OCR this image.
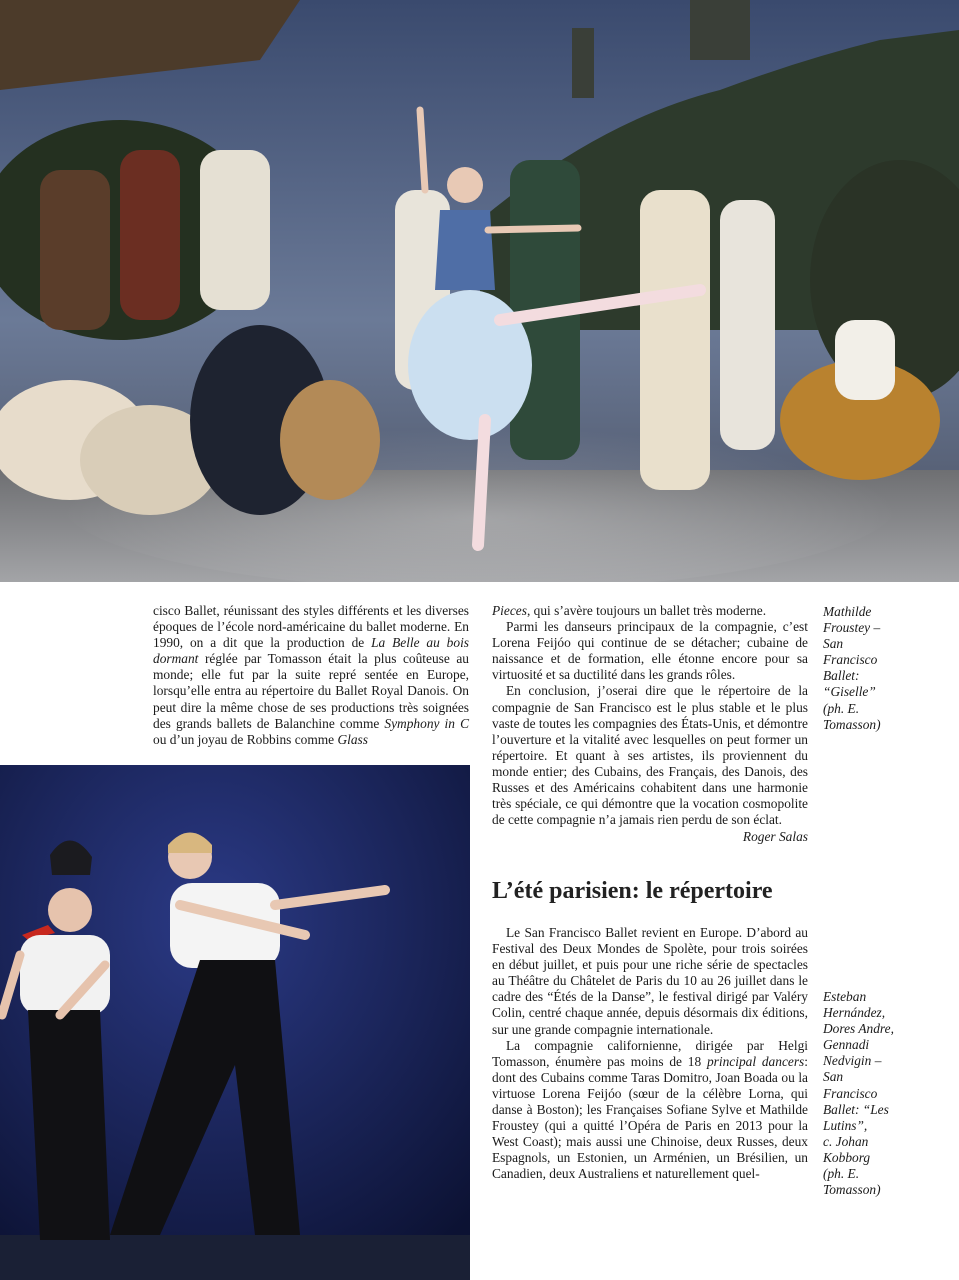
cisco Ballet, réunissant des styles différents et les diverses époques de l’école nord-américaine du ballet moderne. En 1990, on a dit que la production de La Belle au bois dormant réglée par Tomasson était la plus coûteuse au monde; elle fut par la suite repré sentée en Europe, lorsqu’elle entra au répertoire du Ballet Royal Danois. On peut dire la même chose de ses productions très soignées des grands ballets de Balanchine comme Symphony in C ou d’un joyau de Robbins comme Glass

Pieces, qui s’avère toujours un ballet très moderne.

Parmi les danseurs principaux de la compagnie, c’est Lorena Feijóo qui continue de se détacher; cubaine de naissance et de formation, elle étonne encore pour sa virtuosité et sa ductilité dans les grands rôles.

En conclusion, j’oserai dire que le répertoire de la compagnie de San Francisco est le plus stable et le plus vaste de toutes les compagnies des États-Unis, et démontre l’ouverture et la vitalité avec lesquelles on peut former un répertoire. Et quant à ses artistes, ils proviennent du monde entier; des Cubains, des Français, des Danois, des Russes et des Américains cohabitent dans une harmonie très spéciale, ce qui démontre que la vocation cosmopolite de cette compagnie n’a jamais rien perdu de son éclat.

Roger Salas
L’été parisien: le répertoire

Le San Francisco Ballet revient en Europe. D’abord au Festival des Deux Mondes de Spolète, pour trois soirées en début juillet, et puis pour une riche série de spectacles au Théâtre du Châtelet de Paris du 10 au 26 juillet dans le cadre des “Étés de la Danse”, le festival dirigé par Valéry Colin, centré chaque année, depuis désormais dix éditions, sur une grande compagnie internationale.

La compagnie californienne, dirigée par Helgi Tomasson, énumère pas moins de 18 principal dancers: dont des Cubains comme Taras Domitro, Joan Boada ou la virtuose Lorena Feijóo (sœur de la célèbre Lorna, qui danse à Boston); les Françaises Sofiane Sylve et Mathilde Froustey (qui a quitté l’Opéra de Paris en 2013 pour la West Coast); mais aussi une Chinoise, deux Russes, deux Espagnols, un Estonien, un Arménien, un Brésilien, un Canadien, deux Australiens et naturellement quel-

Mathilde
Froustey –
San
Francisco
Ballet:
“Giselle”
(ph. E.
Tomasson)
Esteban
Hernández,
Dores Andre,
Gennadi
Nedvigin –
San
Francisco
Ballet: “Les
Lutins”,
c. Johan
Kobborg
(ph. E.
Tomasson)
